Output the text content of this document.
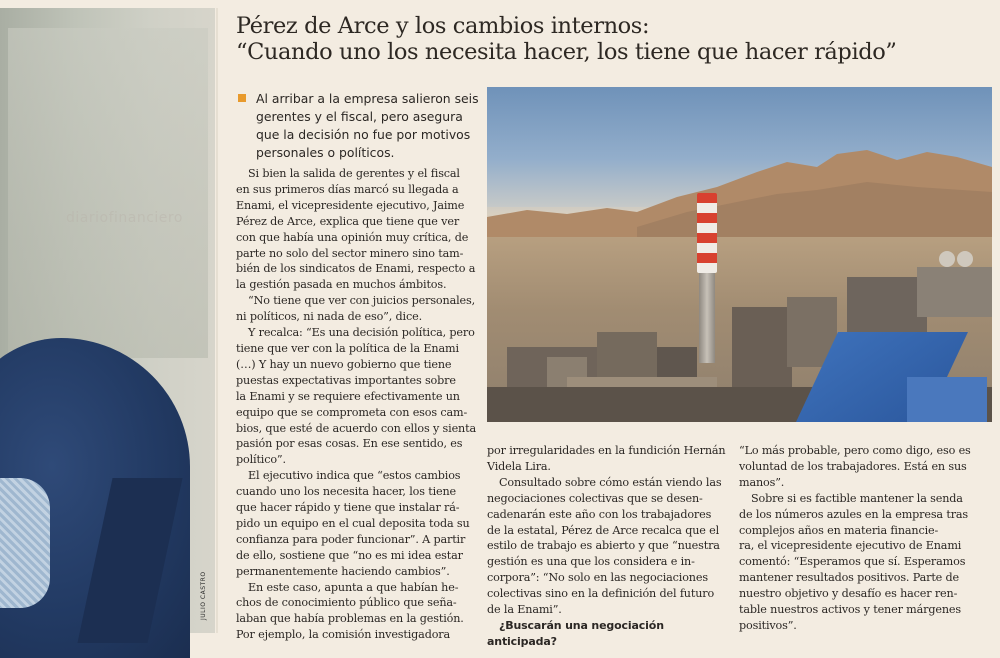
JULIO CASTRO
diariofinanciero
Pérez de Arce y los cambios internos:
“Cuando uno los necesita hacer, los tiene que hacer rápido”
Al arribar a la empresa salieron seis
gerentes y el fiscal, pero asegura
que la decisión no fue por motivos
personales o políticos.

Si bien la salida de gerentes y el fiscal
en sus primeros días marcó su llegada a
Enami, el vicepresidente ejecutivo, Jaime
Pérez de Arce, explica que tiene que ver
con que había una opinión muy crítica, de
parte no solo del sector minero sino tam-
bién de los sindicatos de Enami, respecto a
la gestión pasada en muchos ámbitos.

“No tiene que ver con juicios personales,
ni políticos, ni nada de eso”, dice.

Y recalca: “Es una decisión política, pero
tiene que ver con la política de la Enami
(…) Y hay un nuevo gobierno que tiene
puestas expectativas importantes sobre
la Enami y se requiere efectivamente un
equipo que se comprometa con esos cam-
bios, que esté de acuerdo con ellos y sienta
pasión por esas cosas. En ese sentido, es
político”.

El ejecutivo indica que “estos cambios
cuando uno los necesita hacer, los tiene
que hacer rápido y tiene que instalar rá-
pido un equipo en el cual deposita toda su
confianza para poder funcionar”. A partir
de ello, sostiene que “no es mi idea estar
permanentemente haciendo cambios”.

En este caso, apunta a que habían he-
chos de conocimiento público que seña-
laban que había problemas en la gestión.
Por ejemplo, la comisión investigadora

por irregularidades en la fundición Hernán
Videla Lira.

Consultado sobre cómo están viendo las
negociaciones colectivas que se desen-
cadenarán este año con los trabajadores
de la estatal, Pérez de Arce recalca que el
estilo de trabajo es abierto y que “nuestra
gestión es una que los considera e in-
corpora”: “No solo en las negociaciones
colectivas sino en la definición del futuro
de la Enami”.

¿Buscarán una negociación anticipada?

“Lo más probable, pero como digo, eso es
voluntad de los trabajadores. Está en sus
manos”.

Sobre si es factible mantener la senda
de los números azules en la empresa tras
complejos años en materia financie-
ra, el vicepresidente ejecutivo de Enami
comentó: “Esperamos que sí. Esperamos
mantener resultados positivos. Parte de
nuestro objetivo y desafío es hacer ren-
table nuestros activos y tener márgenes
positivos”.
